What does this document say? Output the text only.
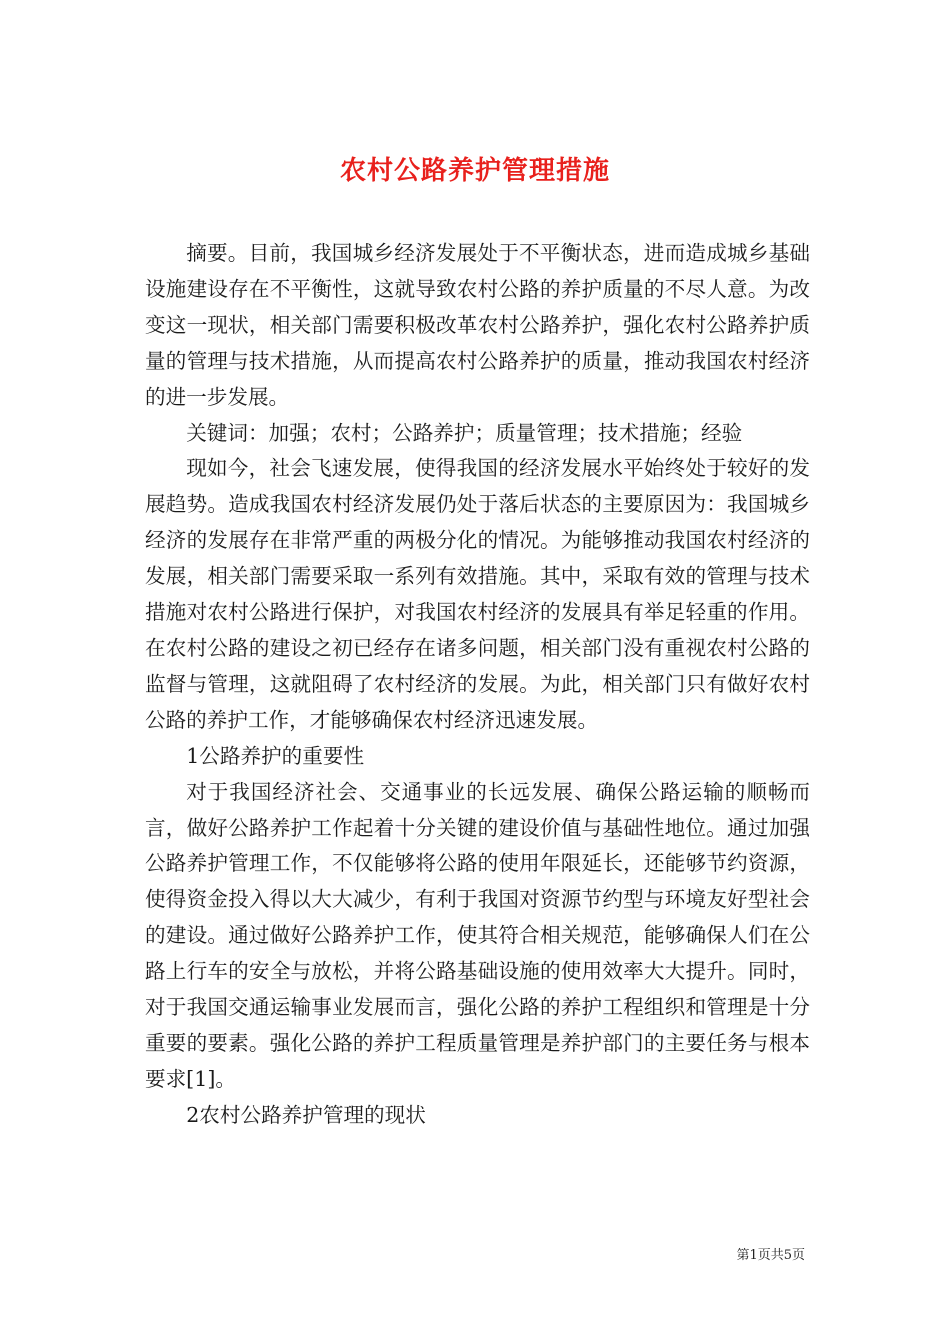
农村公路养护管理措施

摘要。目前，我国城乡经济发展处于不平衡状态，进而造成城乡基础设施建设存在不平衡性，这就导致农村公路的养护质量的不尽人意。为改变这一现状，相关部门需要积极改革农村公路养护，强化农村公路养护质量的管理与技术措施，从而提高农村公路养护的质量，推动我国农村经济的进一步发展。

关键词：加强；农村；公路养护；质量管理；技术措施；经验

现如今，社会飞速发展，使得我国的经济发展水平始终处于较好的发展趋势。造成我国农村经济发展仍处于落后状态的主要原因为：我国城乡经济的发展存在非常严重的两极分化的情况。为能够推动我国农村经济的发展，相关部门需要采取一系列有效措施。其中，采取有效的管理与技术措施对农村公路进行保护，对我国农村经济的发展具有举足轻重的作用。在农村公路的建设之初已经存在诸多问题，相关部门没有重视农村公路的监督与管理，这就阻碍了农村经济的发展。为此，相关部门只有做好农村公路的养护工作，才能够确保农村经济迅速发展。

1公路养护的重要性

对于我国经济社会、交通事业的长远发展、确保公路运输的顺畅而言，做好公路养护工作起着十分关键的建设价值与基础性地位。通过加强公路养护管理工作，不仅能够将公路的使用年限延长，还能够节约资源，使得资金投入得以大大减少，有利于我国对资源节约型与环境友好型社会的建设。通过做好公路养护工作，使其符合相关规范，能够确保人们在公路上行车的安全与放松，并将公路基础设施的使用效率大大提升。同时，对于我国交通运输事业发展而言，强化公路的养护工程组织和管理是十分重要的要素。强化公路的养护工程质量管理是养护部门的主要任务与根本要求[1]。

2农村公路养护管理的现状

第1页共5页
